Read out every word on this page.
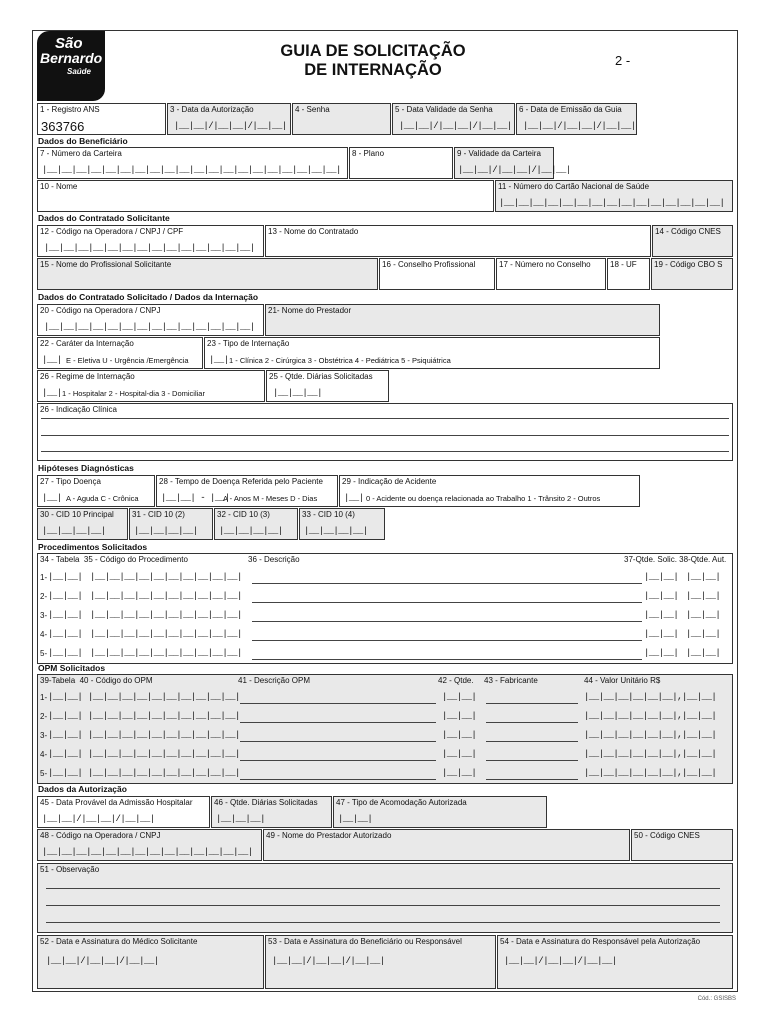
São
Bernardo
Saúde
GUIA DE SOLICITAÇÃO
DE INTERNAÇÃO
2 -
1 - Registro ANS
363766
3 - Data da Autorização
|__|__|/|__|__|/|__|__|
4 - Senha	5 - Data Validade da Senha
|__|__|/|__|__|/|__|__|
6 - Data de Emissão da Guia
|__|__|/|__|__|/|__|__|
Dados do Beneficiário
7 - Número da Carteira
|__|__|__|__|__|__|__|__|__|__|__|__|__|__|__|__|__|__|__|__|
8 - Plano	9 - Validade da Carteira
|__|__|/|__|__|/|__|__|
10 - Nome	11 - Número do Cartão Nacional de Saúde
|__|__|__|__|__|__|__|__|__|__|__|__|__|__|__|
Dados do Contratado Solicitante
12 - Código na Operadora / CNPJ / CPF
|__|__|__|__|__|__|__|__|__|__|__|__|__|__|
13 - Nome do Contratado	14 - Código CNES
15 - Nome do Profissional Solicitante	16 - Conselho Profissional	17 - Número no Conselho 18 - UF 19 - Código CBO S
Dados do Contratado Solicitado / Dados da Internação
20 - Código na Operadora / CNPJ
|__|__|__|__|__|__|__|__|__|__|__|__|__|__|
21- Nome do Prestador
22 - Caráter da Internação
|__| E - Eletiva U - Urgência /Emergência
23 - Tipo de Internação
|__| 1 - Clínica 2 - Cirúrgica 3 - Obstétrica 4 - Pediátrica 5 - Psiquiátrica
26 - Regime de Internação
|__| 1 - Hospitalar 2 - Hospital-dia 3 - Domiciliar
25 - Qtde. Diárias Solicitadas
|__|__|__|
26 - Indicação Clínica
Hipóteses Diagnósticas
27 - Tipo Doença
|__| A - Aguda C - Crônica
28 - Tempo de Doença Referida pelo Paciente
|__|__| - |__|
A - Anos M - Meses D - Dias
29 - Indicação de Acidente
|__| 0 - Acidente ou doença relacionada ao Trabalho 1 - Trânsito 2 - Outros
30 - CID 10 Principal
|__|__|__|__|
31 - CID 10 (2)
|__|__|__|__|
32 - CID 10 (3)
|__|__|__|__|
33 - CID 10 (4)
|__|__|__|__|
Procedimentos Solicitados
34 - Tabela 35 - Código do Procedimento	36 - Descrição	37-Qtde. Solic. 38-Qtde. Aut.
1- |__|__| |__|__|__|__|__|__|__|__|__|__|	|__|__| |__|__|
2- |__|__| |__|__|__|__|__|__|__|__|__|__|	|__|__| |__|__|
3- |__|__| |__|__|__|__|__|__|__|__|__|__|	|__|__| |__|__|
4- |__|__| |__|__|__|__|__|__|__|__|__|__|	|__|__| |__|__|
5- |__|__| |__|__|__|__|__|__|__|__|__|__|	|__|__| |__|__|
OPM Solicitados
39-Tabela 40 - Código do OPM	41 - Descrição OPM	42 - Qtde. 43 - Fabricante	44 - Valor Unitário R$
1- |__|__| |__|__|__|__|__|__|__|__|__|__|	|__|__|	|__|__|__|__|__|__|,|__|__|
2- |__|__| |__|__|__|__|__|__|__|__|__|__|	|__|__|	|__|__|__|__|__|__|,|__|__|
3- |__|__| |__|__|__|__|__|__|__|__|__|__|	|__|__|	|__|__|__|__|__|__|,|__|__|
4- |__|__| |__|__|__|__|__|__|__|__|__|__|	|__|__|	|__|__|__|__|__|__|,|__|__|
5- |__|__| |__|__|__|__|__|__|__|__|__|__|	|__|__|	|__|__|__|__|__|__|,|__|__|
Dados da Autorização
45 - Data Provável da Admissão Hospitalar
|__|__|/|__|__|/|__|__|
46 - Qtde. Diárias Solicitadas
|__|__|__|
47 - Tipo de Acomodação Autorizada
|__|__|
48 - Código na Operadora / CNPJ
|__|__|__|__|__|__|__|__|__|__|__|__|__|__|
49 - Nome do Prestador Autorizado	50 - Código CNES
51 - Observação
52 - Data e Assinatura do Médico Solicitante
|__|__|/|__|__|/|__|__|
53 - Data e Assinatura do Beneficiário ou Responsável
|__|__|/|__|__|/|__|__|
54 - Data e Assinatura do Responsável pela Autorização
|__|__|/|__|__|/|__|__|
Cód.: GSISBS
